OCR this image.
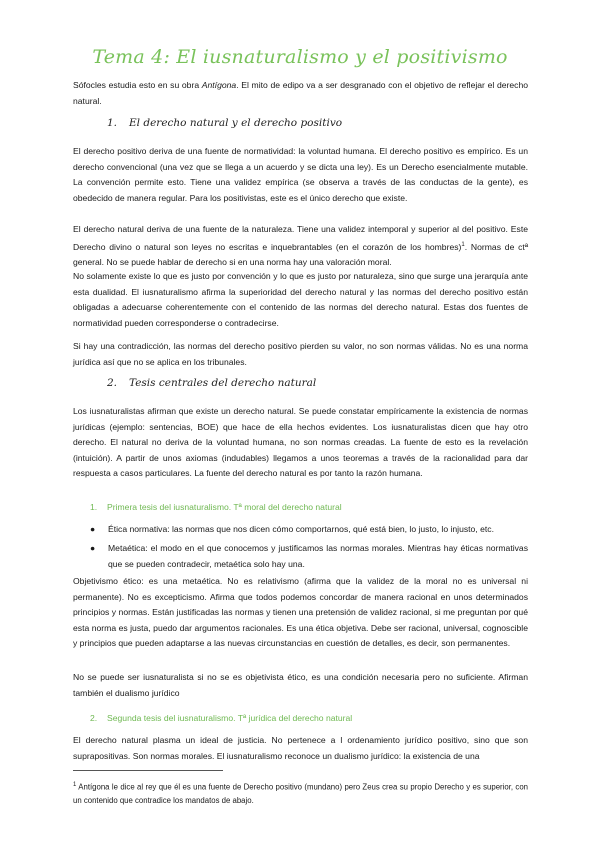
Tema 4: El iusnaturalismo y el positivismo

Sófocles estudia esto en su obra Antígona. El mito de edipo va a ser desgranado con el objetivo de reflejar el derecho natural.

1. El derecho natural y el derecho positivo

El derecho positivo deriva de una fuente de normatividad: la voluntad humana. El derecho positivo es empírico. Es un derecho convencional (una vez que se llega a un acuerdo y se dicta una ley). Es un Derecho esencialmente mutable. La convención permite esto. Tiene una validez empírica (se observa a través de las conductas de la gente), es obedecido de manera regular. Para los positivistas, este es el único derecho que existe.

El derecho natural deriva de una fuente de la naturaleza. Tiene una validez intemporal y superior al del positivo. Este Derecho divino o natural son leyes no escritas e inquebrantables (en el corazón de los hombres)$^1$. Normas de ctª general. No se puede hablar de derecho si en una norma hay una valoración moral.

No solamente existe lo que es justo por convención y lo que es justo por naturaleza, sino que surge una jerarquía ante esta dualidad. El iusnaturalismo afirma la superioridad del derecho natural y las normas del derecho positivo están obligadas a adecuarse coherentemente con el contenido de las normas del derecho natural. Estas dos fuentes de normatividad pueden corresponderse o contradecirse.

Si hay una contradicción, las normas del derecho positivo pierden su valor, no son normas válidas. No es una norma jurídica así que no se aplica en los tribunales.

2. Tesis centrales del derecho natural

Los iusnaturalistas afirman que existe un derecho natural. Se puede constatar empíricamente la existencia de normas jurídicas (ejemplo: sentencias, BOE) que hace de ella hechos evidentes. Los iusnaturalistas dicen que hay otro derecho. El natural no deriva de la voluntad humana, no son normas creadas. La fuente de esto es la revelación (intuición). A partir de unos axiomas (indudables) llegamos a unos teoremas a través de la racionalidad para dar respuesta a casos particulares. La fuente del derecho natural es por tanto la razón humana.

1. Primera tesis del iusnaturalismo. Tª moral del derecho natural
● Ética normativa: las normas que nos dicen cómo comportarnos, qué está bien, lo justo, lo injusto, etc.
● Metaética: el modo en el que conocemos y justificamos las normas morales. Mientras hay éticas normativas que se pueden contradecir, metaética solo hay una.

Objetivismo ético: es una metaética. No es relativismo (afirma que la validez de la moral no es universal ni permanente). No es excepticismo. Afirma que todos podemos concordar de manera racional en unos determinados principios y normas. Están justificadas las normas y tienen una pretensión de validez racional, si me preguntan por qué esta norma es justa, puedo dar argumentos racionales. Es una ética objetiva. Debe ser racional, universal, cognoscible y principios que pueden adaptarse a las nuevas circunstancias en cuestión de detalles, es decir, son permanentes.

No se puede ser iusnaturalista si no se es objetivista ético, es una condición necesaria pero no suficiente. Afirman también el dualismo jurídico

2. Segunda tesis del iusnaturalismo. Tª jurídica del derecho natural

El derecho natural plasma un ideal de justicia. No pertenece a l ordenamiento jurídico positivo, sino que son suprapositivas. Son normas morales. El iusnaturalismo reconoce un dualismo jurídico: la existencia de una

$^1$ Antígona le dice al rey que él es una fuente de Derecho positivo (mundano) pero Zeus crea su propio Derecho y es superior, con un contenido que contradice los mandatos de abajo.
